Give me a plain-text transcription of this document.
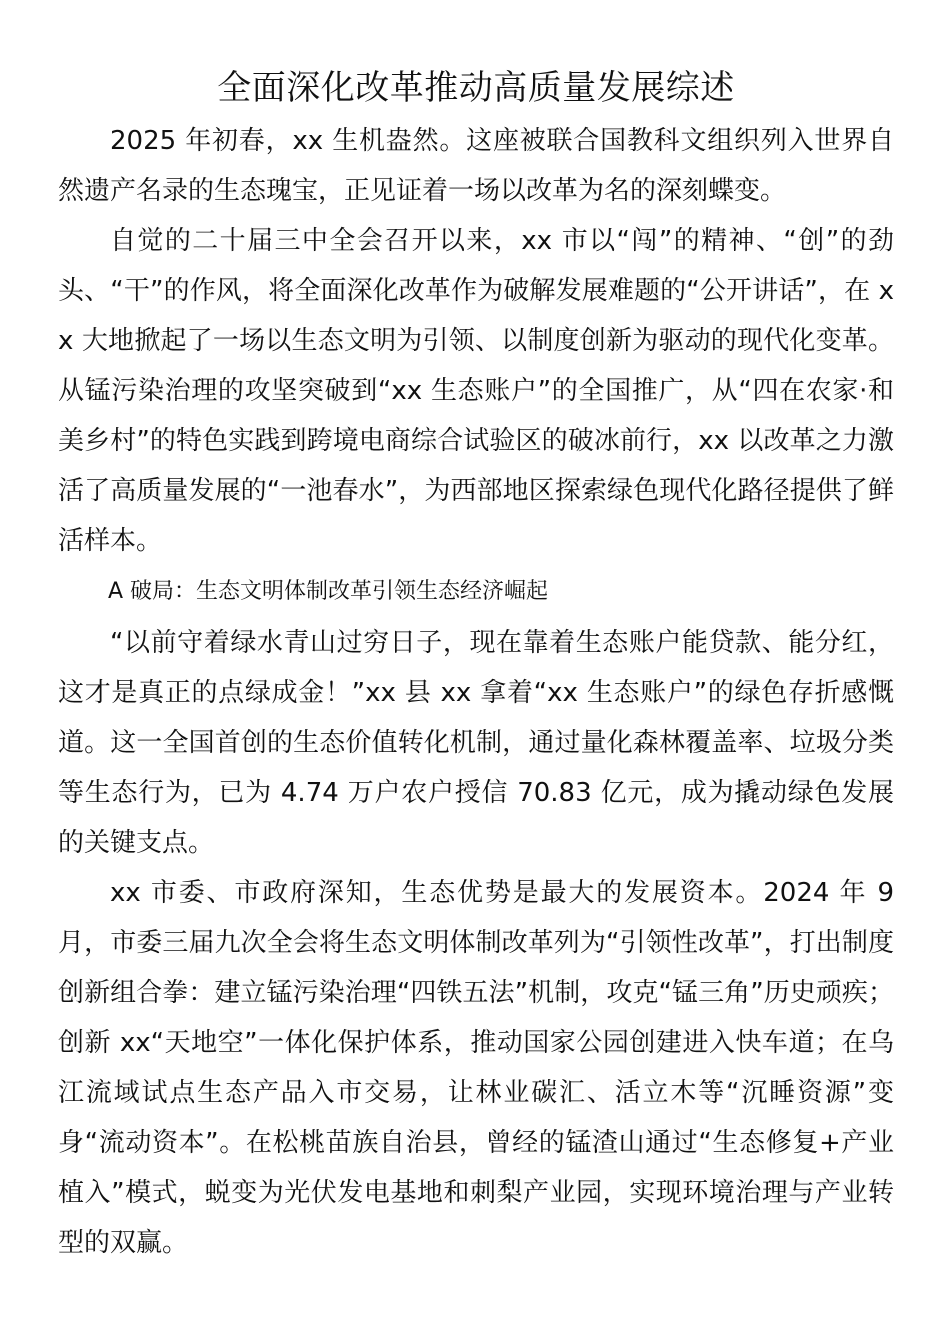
全面深化改革推动高质量发展综述

2025 年初春，xx 生机盎然。这座被联合国教科文组织列入世界自然遗产名录的生态瑰宝，正见证着一场以改革为名的深刻蝶变。

自觉的二十届三中全会召开以来，xx 市以“闯”的精神、“创”的劲头、“干”的作风，将全面深化改革作为破解发展难题的“公开讲话”，在 xx 大地掀起了一场以生态文明为引领、以制度创新为驱动的现代化变革。从锰污染治理的攻坚突破到“xx 生态账户”的全国推广，从“四在农家·和美乡村”的特色实践到跨境电商综合试验区的破冰前行，xx 以改革之力激活了高质量发展的“一池春水”，为西部地区探索绿色现代化路径提供了鲜活样本。

A 破局：生态文明体制改革引领生态经济崛起

“以前守着绿水青山过穷日子，现在靠着生态账户能贷款、能分红，这才是真正的点绿成金！”xx 县 xx 拿着“xx 生态账户”的绿色存折感慨道。这一全国首创的生态价值转化机制，通过量化森林覆盖率、垃圾分类等生态行为，已为 4.74 万户农户授信 70.83 亿元，成为撬动绿色发展的关键支点。

xx 市委、市政府深知，生态优势是最大的发展资本。2024 年 9 月，市委三届九次全会将生态文明体制改革列为“引领性改革”，打出制度创新组合拳：建立锰污染治理“四铁五法”机制，攻克“锰三角”历史顽疾；创新 xx“天地空”一体化保护体系，推动国家公园创建进入快车道；在乌江流域试点生态产品入市交易，让林业碳汇、活立木等“沉睡资源”变身“流动资本”。在松桃苗族自治县，曾经的锰渣山通过“生态修复+产业植入”模式，蜕变为光伏发电基地和刺梨产业园，实现环境治理与产业转型的双赢。
